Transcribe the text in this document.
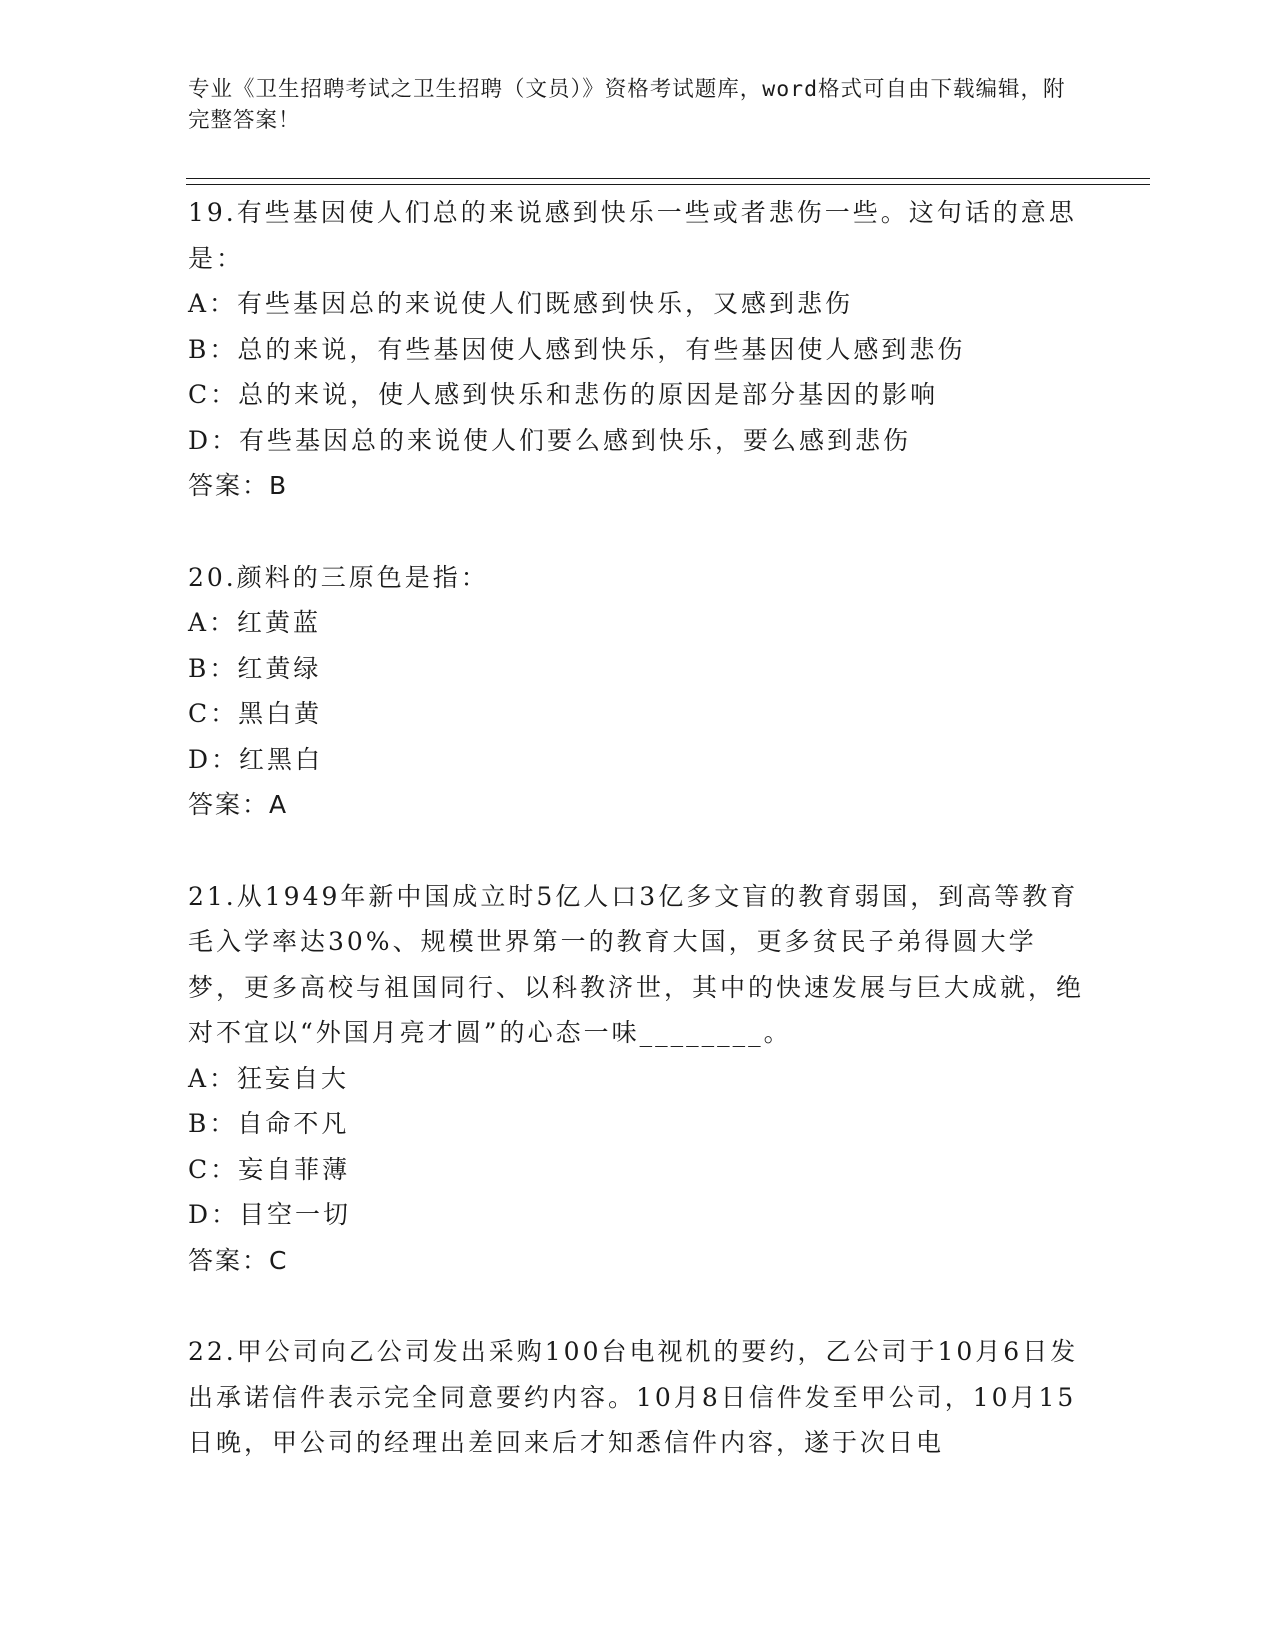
专业《卫生招聘考试之卫生招聘（文员）》资格考试题库，word格式可自由下载编辑，附完整答案！
19.有些基因使人们总的来说感到快乐一些或者悲伤一些。这句话的意思是：
A：有些基因总的来说使人们既感到快乐，又感到悲伤
B：总的来说，有些基因使人感到快乐，有些基因使人感到悲伤
C：总的来说，使人感到快乐和悲伤的原因是部分基因的影响
D：有些基因总的来说使人们要么感到快乐，要么感到悲伤
答案：B
20.颜料的三原色是指：
A：红黄蓝
B：红黄绿
C：黑白黄
D：红黑白
答案：A
21.从1949年新中国成立时5亿人口3亿多文盲的教育弱国，到高等教育毛入学率达30%、规模世界第一的教育大国，更多贫民子弟得圆大学梦，更多高校与祖国同行、以科教济世，其中的快速发展与巨大成就，绝对不宜以“外国月亮才圆”的心态一味________。
A：狂妄自大
B：自命不凡
C：妄自菲薄
D：目空一切
答案：C
22.甲公司向乙公司发出采购100台电视机的要约，乙公司于10月6日发出承诺信件表示完全同意要约内容。10月8日信件发至甲公司，10月15日晚，甲公司的经理出差回来后才知悉信件内容，遂于次日电
